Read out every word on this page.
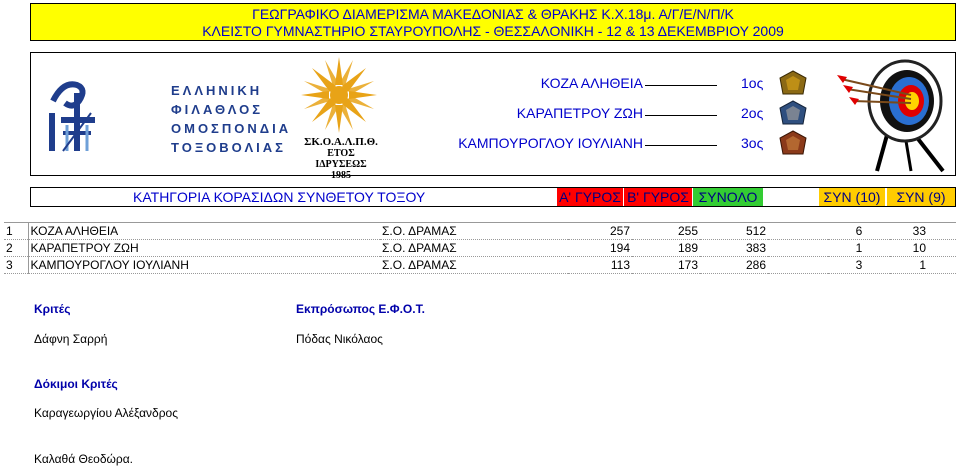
ΓΕΩΓΡΑΦΙΚΟ ΔΙΑΜΕΡΙΣΜΑ ΜΑΚΕΔΟΝΙΑΣ & ΘΡΑΚΗΣ Κ.Χ.18μ. Α/Γ/Ε/Ν/Π/Κ
ΚΛΕΙΣΤΟ ΓΥΜΝΑΣΤΗΡΙΟ ΣΤΑΥΡΟΥΠΟΛΗΣ - ΘΕΣΣΑΛΟΝΙΚΗ - 12 & 13 ΔΕΚΕΜΒΡΙΟΥ 2009
ΕΛΛΗΝΙΚΗ
ΦΙΛΑΘΛΟΣ
ΟΜΟΣΠΟΝΔΙΑ
ΤΟΞΟΒΟΛΙΑΣ	ΣΚ.Ο.Α.Λ.Π.Θ.
ΕΤΟΣ ΙΔΡΥΣΕΩΣ
1985
ΚΟΖΑ ΑΛΗΘΕΙΑ	1ος
ΚΑΡΑΠΕΤΡΟΥ ΖΩΗ	2ος
ΚΑΜΠΟΥΡΟΓΛΟΥ ΙΟΥΛΙΑΝΗ	3ος
ΚΑΤΗΓΟΡΙΑ ΚΟΡΑΣΙΔΩΝ ΣΥΝΘΕΤΟΥ ΤΟΞΟΥ	Α' ΓΥΡΟΣ Β' ΓΥΡΟΣ ΣΥΝΟΛΟ	ΣΥΝ (10)	ΣΥΝ (9)
1	ΚΟΖΑ ΑΛΗΘΕΙΑ	Σ.Ο. ΔΡΑΜΑΣ	257	255	512		6	33
2	ΚΑΡΑΠΕΤΡΟΥ ΖΩΗ	Σ.Ο. ΔΡΑΜΑΣ	194	189	383		1	10
3	ΚΑΜΠΟΥΡΟΓΛΟΥ ΙΟΥΛΙΑΝΗ	Σ.Ο. ΔΡΑΜΑΣ	113	173	286		3	1
Κριτές
Δάφνη Σαρρή
Εκπρόσωπος Ε.Φ.Ο.Τ.
Πόδας Νικόλαος
Δόκιμοι Κριτές
Καραγεωργίου Αλέξανδρος
Καλαθά Θεοδώρα.
